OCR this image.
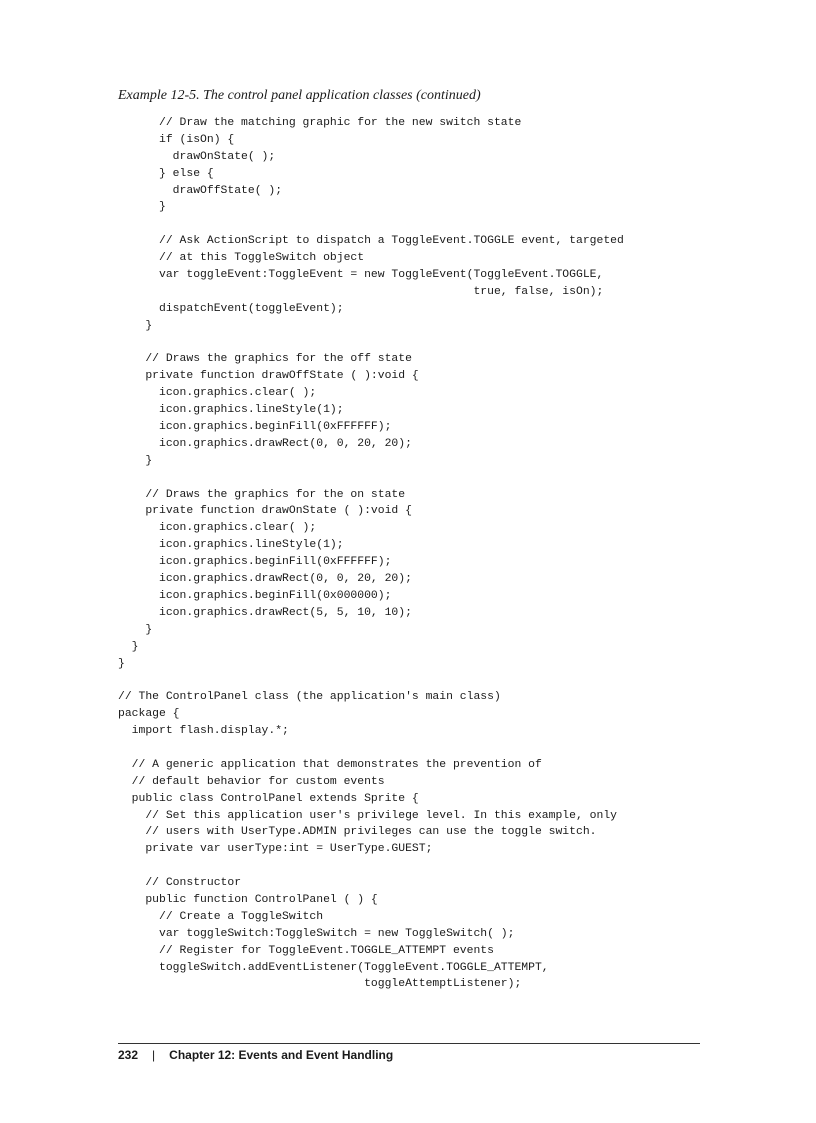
Example 12-5. The control panel application classes (continued)
// Draw the matching graphic for the new switch state
if (isOn) {
drawOnState( );
} else {
drawOffState( );
}
// Ask ActionScript to dispatch a ToggleEvent.TOGGLE event, targeted
// at this ToggleSwitch object
var toggleEvent:ToggleEvent = new ToggleEvent(ToggleEvent.TOGGLE,
true, false, isOn);
dispatchEvent(toggleEvent);
}
// Draws the graphics for the off state
private function drawOffState ( ):void {
icon.graphics.clear( );
icon.graphics.lineStyle(1);
icon.graphics.beginFill(0xFFFFFF);
icon.graphics.drawRect(0, 0, 20, 20);
}
// Draws the graphics for the on state
private function drawOnState ( ):void {
icon.graphics.clear( );
icon.graphics.lineStyle(1);
icon.graphics.beginFill(0xFFFFFF);
icon.graphics.drawRect(0, 0, 20, 20);
icon.graphics.beginFill(0x000000);
icon.graphics.drawRect(5, 5, 10, 10);
}
}
}
// The ControlPanel class (the application's main class)
package {
import flash.display.*;
// A generic application that demonstrates the prevention of
// default behavior for custom events
public class ControlPanel extends Sprite {
// Set this application user's privilege level. In this example, only
// users with UserType.ADMIN privileges can use the toggle switch.
private var userType:int = UserType.GUEST;
// Constructor
public function ControlPanel ( ) {
// Create a ToggleSwitch
var toggleSwitch:ToggleSwitch = new ToggleSwitch( );
// Register for ToggleEvent.TOGGLE_ATTEMPT events
toggleSwitch.addEventListener(ToggleEvent.TOGGLE_ATTEMPT,
toggleAttemptListener);
232 | Chapter 12: Events and Event Handling
